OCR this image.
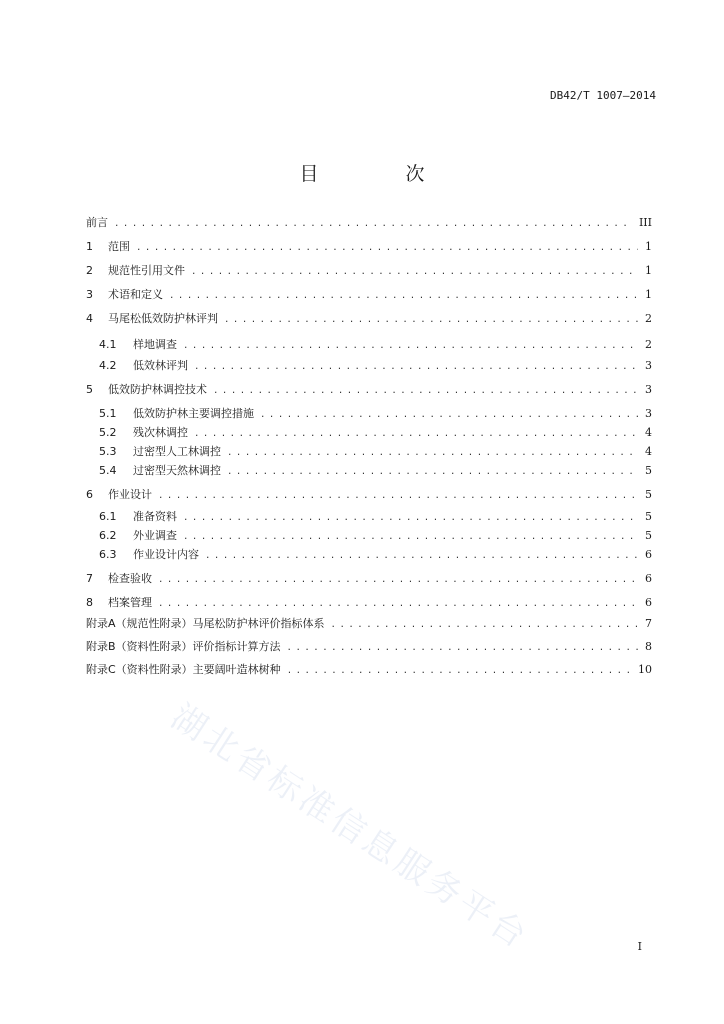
DB42/T 1007—2014
目　次
前言 .....	III
1	范围 .....	1
2	规范性引用文件 .....	1
3	术语和定义 .....	1
4	马尾松低效防护林评判 .....	2
4.1	样地调查 .....	2
4.2	低效林评判 .....	3
5	低效防护林调控技术 .....	3
5.1	低效防护林主要调控措施 .....	3
5.2	残次林调控 .....	4
5.3	过密型人工林调控 .....	4
5.4	过密型天然林调控 .....	5
6	作业设计 .....	5
6.1	准备资料 .....	5
6.2	外业调查 .....	5
6.3	作业设计内容 .....	6
7	检查验收 .....	6
8	档案管理 .....	6
附录A（规范性附录）马尾松防护林评价指标体系 .....	7
附录B（资料性附录）评价指标计算方法 .....	8
附录C（资料性附录）主要阔叶造林树种 .....	10
湖北省标准信息服务平台	I
